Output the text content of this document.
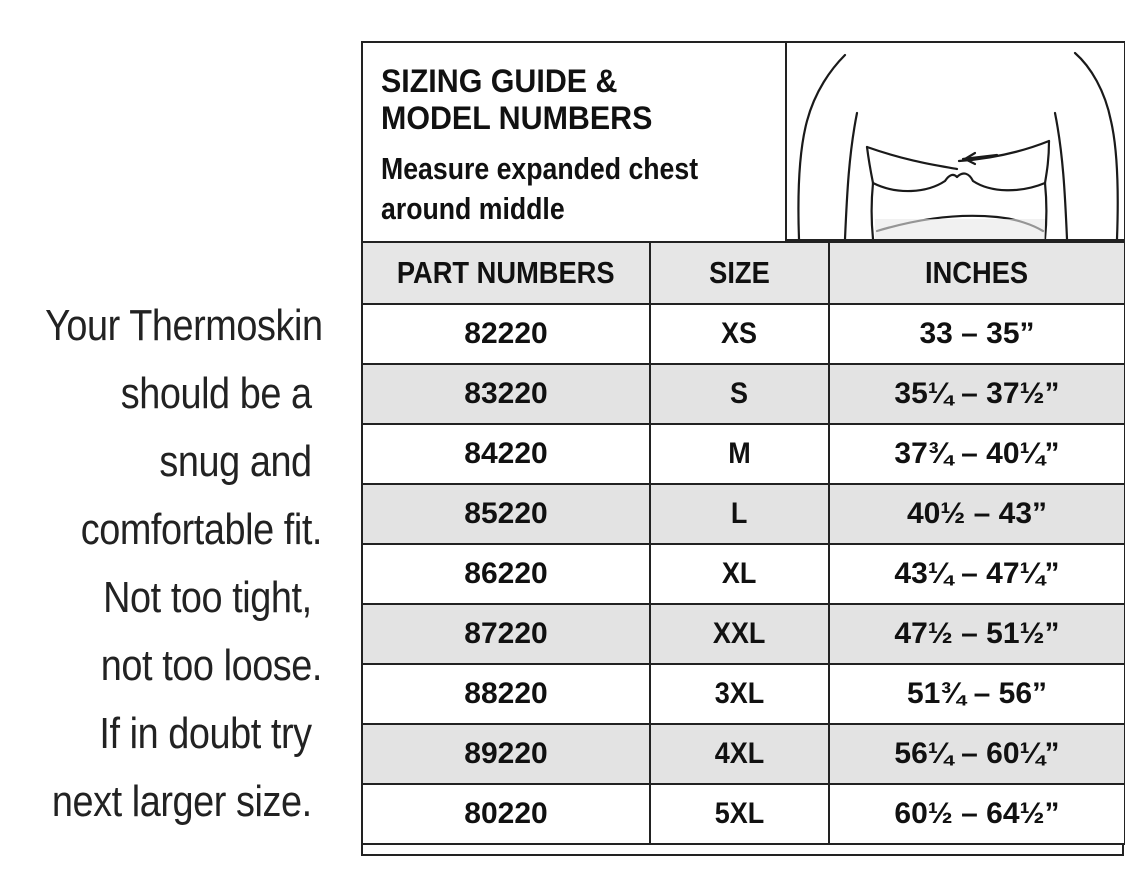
Your Thermoskin
should be a
snug and
comfortable fit.
Not too tight,
not too loose.
If in doubt try
next larger size.
SIZING GUIDE &
MODEL NUMBERS
Measure expanded chest
around middle
PART NUMBERS	SIZE	INCHES
82220	XS	33 – 35”
83220	S	35¼ – 37½”
84220	M	37¾ – 40¼”
85220	L	40½ – 43”
86220	XL	43¼ – 47¼”
87220	XXL	47½ – 51½”
88220	3XL	51¾ – 56”
89220	4XL	56¼ – 60¼”
80220	5XL	60½ – 64½”
